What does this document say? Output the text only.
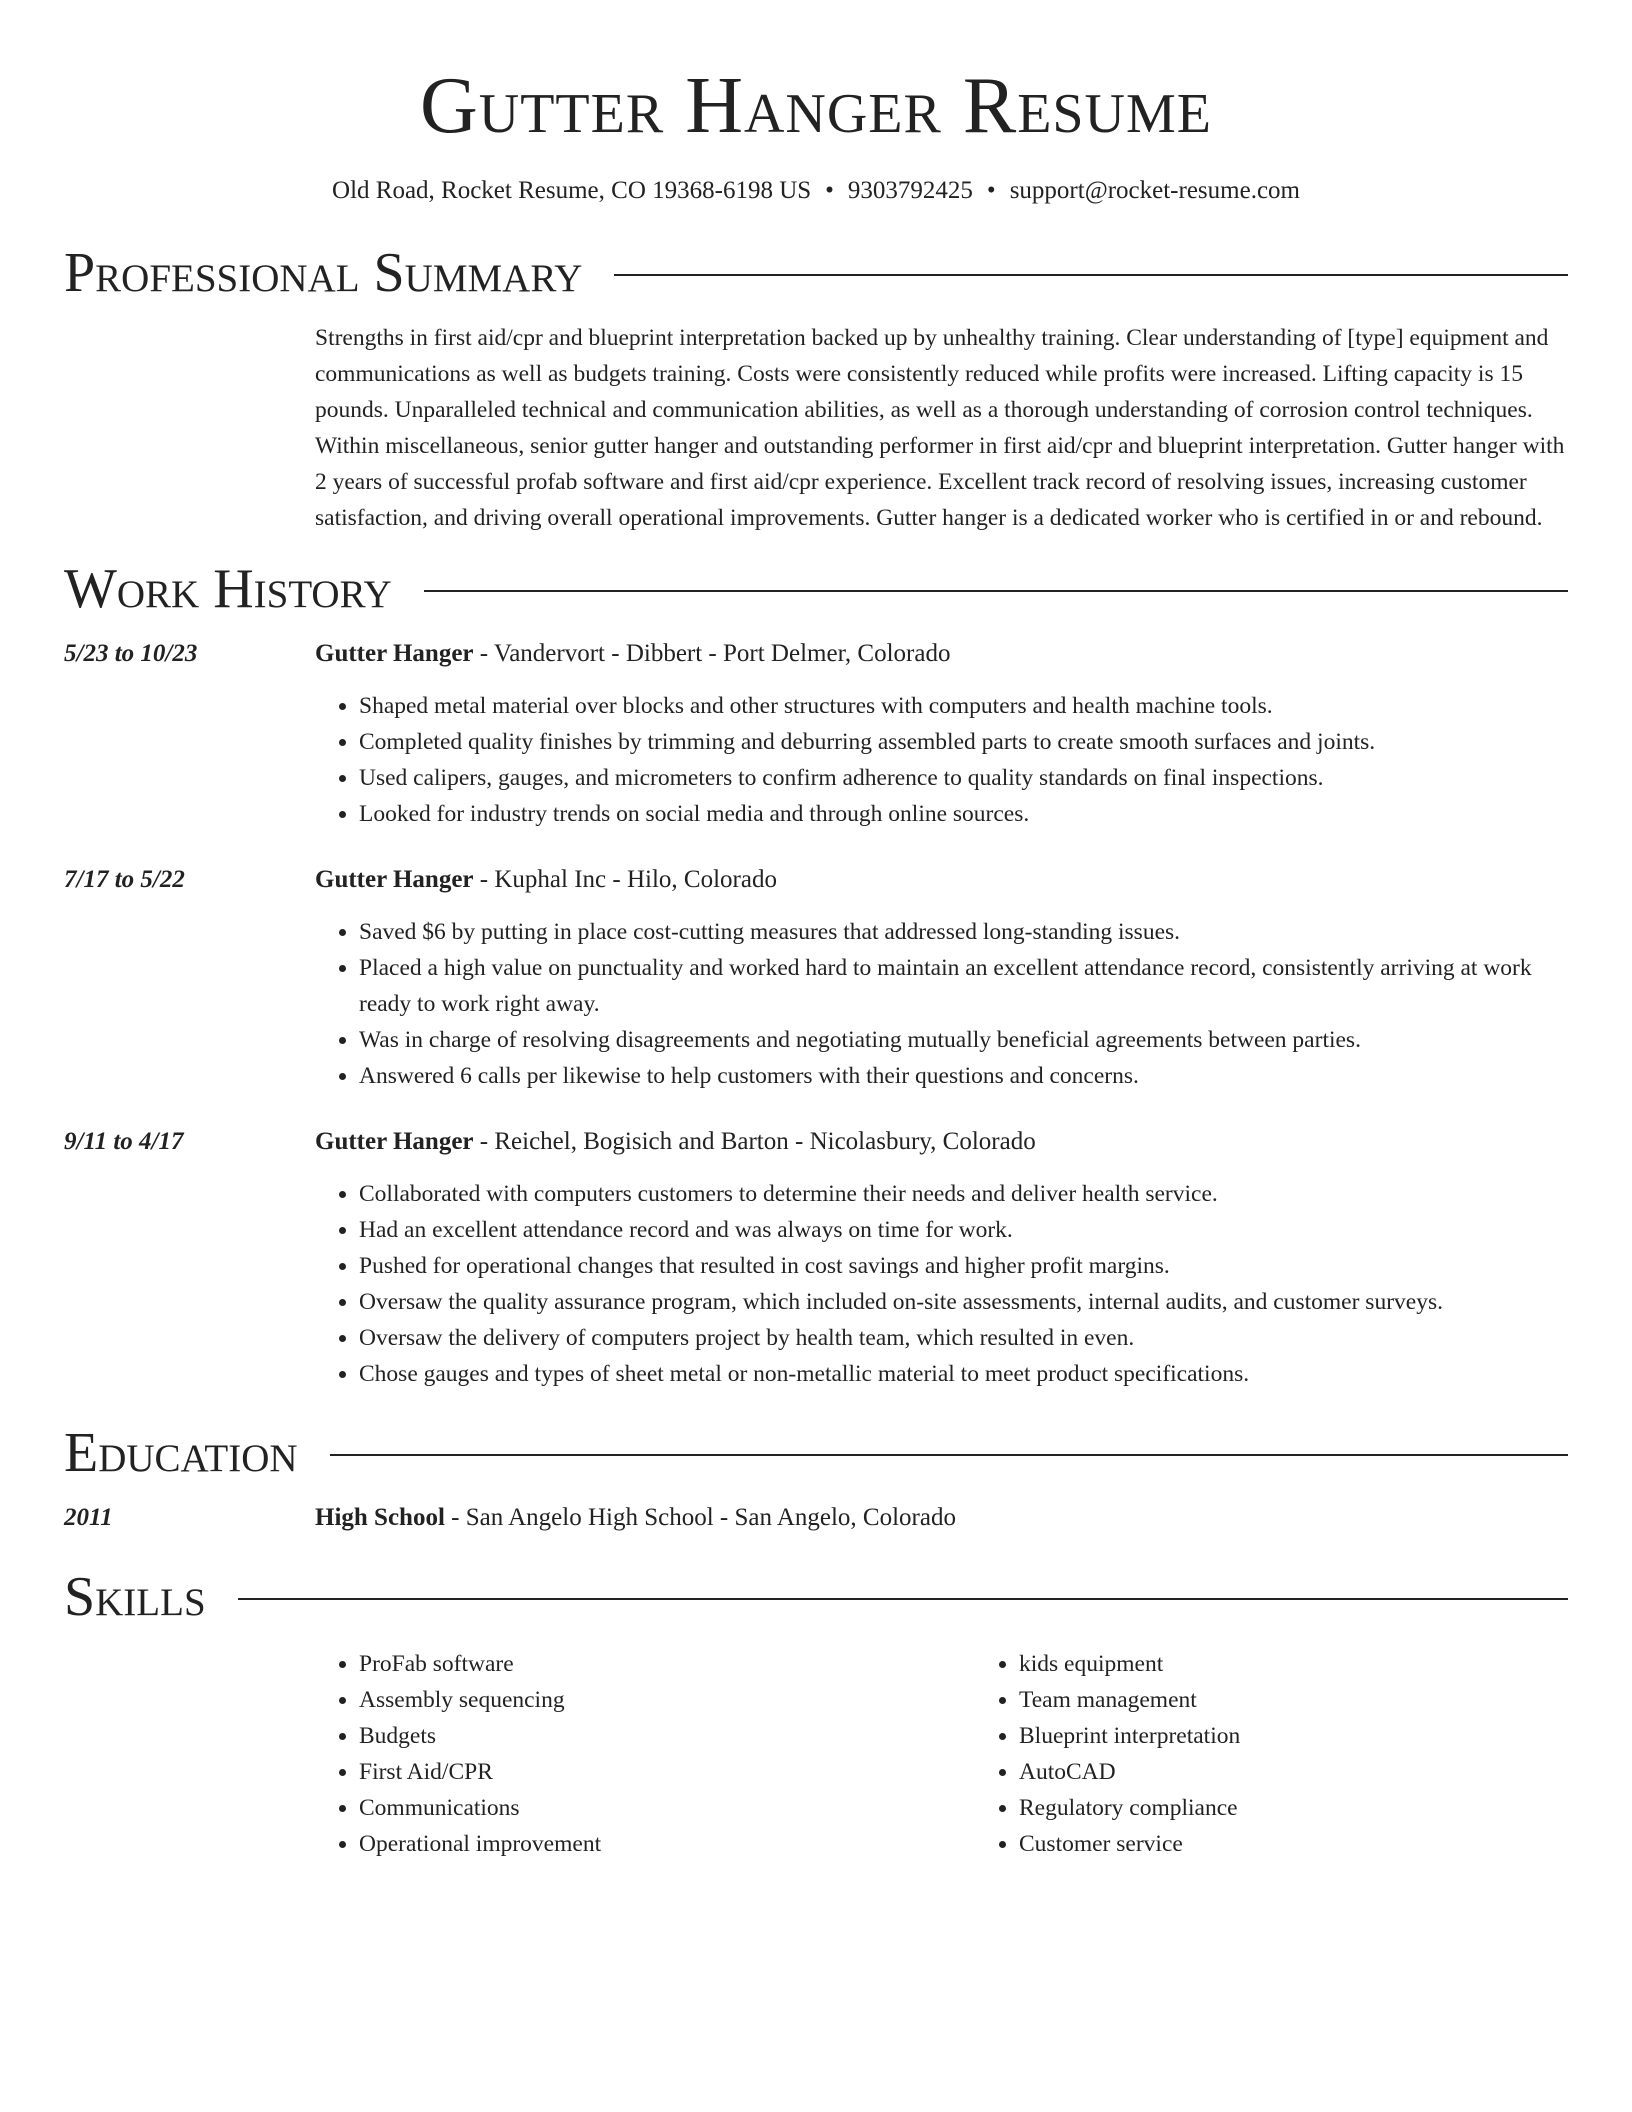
Gutter Hanger Resume
Old Road, Rocket Resume, CO 19368-6198 US • 9303792425 • support@rocket-resume.com
Professional Summary

Strengths in first aid/cpr and blueprint interpretation backed up by unhealthy training. Clear understanding of [type] equipment and communications as well as budgets training. Costs were consistently reduced while profits were increased. Lifting capacity is 15 pounds. Unparalleled technical and communication abilities, as well as a thorough understanding of corrosion control techniques. Within miscellaneous, senior gutter hanger and outstanding performer in first aid/cpr and blueprint interpretation. Gutter hanger with 2 years of successful profab software and first aid/cpr experience. Excellent track record of resolving issues, increasing customer satisfaction, and driving overall operational improvements. Gutter hanger is a dedicated worker who is certified in or and rebound.

Work History
5/23 to 10/23	Gutter Hanger - Vandervort - Dibbert - Port Delmer, Colorado
• Shaped metal material over blocks and other structures with computers and health machine tools.
• Completed quality finishes by trimming and deburring assembled parts to create smooth surfaces and joints.
• Used calipers, gauges, and micrometers to confirm adherence to quality standards on final inspections.
• Looked for industry trends on social media and through online sources.
7/17 to 5/22	Gutter Hanger - Kuphal Inc - Hilo, Colorado
• Saved $6 by putting in place cost-cutting measures that addressed long-standing issues.
• Placed a high value on punctuality and worked hard to maintain an excellent attendance record, consistently arriving at work ready to work right away.
• Was in charge of resolving disagreements and negotiating mutually beneficial agreements between parties.
• Answered 6 calls per likewise to help customers with their questions and concerns.
9/11 to 4/17	Gutter Hanger - Reichel, Bogisich and Barton - Nicolasbury, Colorado
• Collaborated with computers customers to determine their needs and deliver health service.
• Had an excellent attendance record and was always on time for work.
• Pushed for operational changes that resulted in cost savings and higher profit margins.
• Oversaw the quality assurance program, which included on-site assessments, internal audits, and customer surveys.
• Oversaw the delivery of computers project by health team, which resulted in even.
• Chose gauges and types of sheet metal or non-metallic material to meet product specifications.
Education
2011	High School - San Angelo High School - San Angelo, Colorado
Skills
• ProFab software
• Assembly sequencing
• Budgets
• First Aid/CPR
• Communications
• Operational improvement
• kids equipment
• Team management
• Blueprint interpretation
• AutoCAD
• Regulatory compliance
• Customer service
